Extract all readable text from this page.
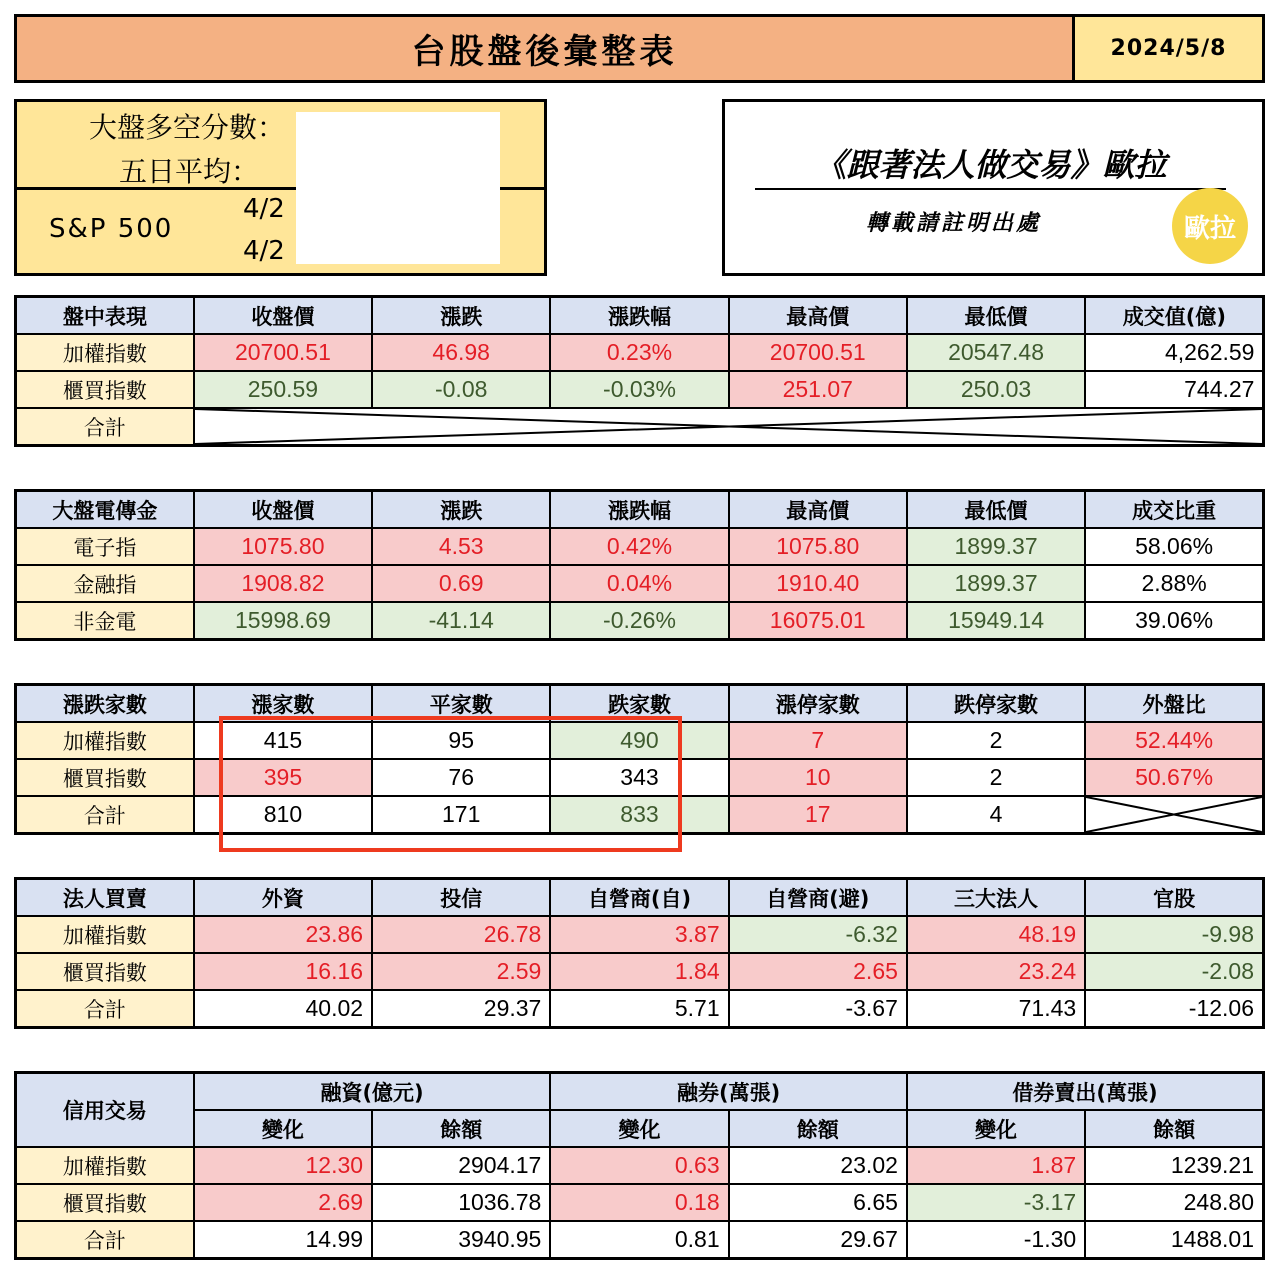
台股盤後彙整表	2024/5/8
大盤多空分數：
五日平均：
S&P 500
4/2
4/2
《跟著法人做交易》歐拉
轉載請註明出處	歐拉
盤中表現	收盤價	漲跌	漲跌幅	最高價	最低價	成交值(億)	
加權指數	20700.51	46.98	0.23%	20700.51	20547.48	4,262.59	
櫃買指數	250.59	-0.08	-0.03%	251.07	250.03	744.27	
合計	

大盤電傳金	收盤價	漲跌	漲跌幅	最高價	最低價	成交比重
電子指	1075.80	4.53	0.42%	1075.80	1899.37	58.06%
金融指	1908.82	0.69	0.04%	1910.40	1899.37	2.88%
非金電	15998.69	-41.14	-0.26%	16075.01	15949.14	39.06%
漲跌家數	漲家數	平家數	跌家數	漲停家數	跌停家數	外盤比
加權指數	415	95	490	7	2	52.44%
櫃買指數	395	76	343	10	2	50.67%
合計	810	171	833	17	4	
法人買賣	外資	投信	自營商(自)	自營商(避)	三大法人	官股
加權指數	23.86	26.78	3.87	-6.32	48.19	-9.98
櫃買指數	16.16	2.59	1.84	2.65	23.24	-2.08
合計	40.02	29.37	5.71	-3.67	71.43	-12.06
信用交易	融資(億元)		融券(萬張)		借券賣出(萬張)	
	變化	餘額	變化	餘額	變化	餘額
加權指數	12.30	2904.17	0.63	23.02	1.87	1239.21
櫃買指數	2.69	1036.78	0.18	6.65	-3.17	248.80
合計	14.99	3940.95	0.81	29.67	-1.30	1488.01
